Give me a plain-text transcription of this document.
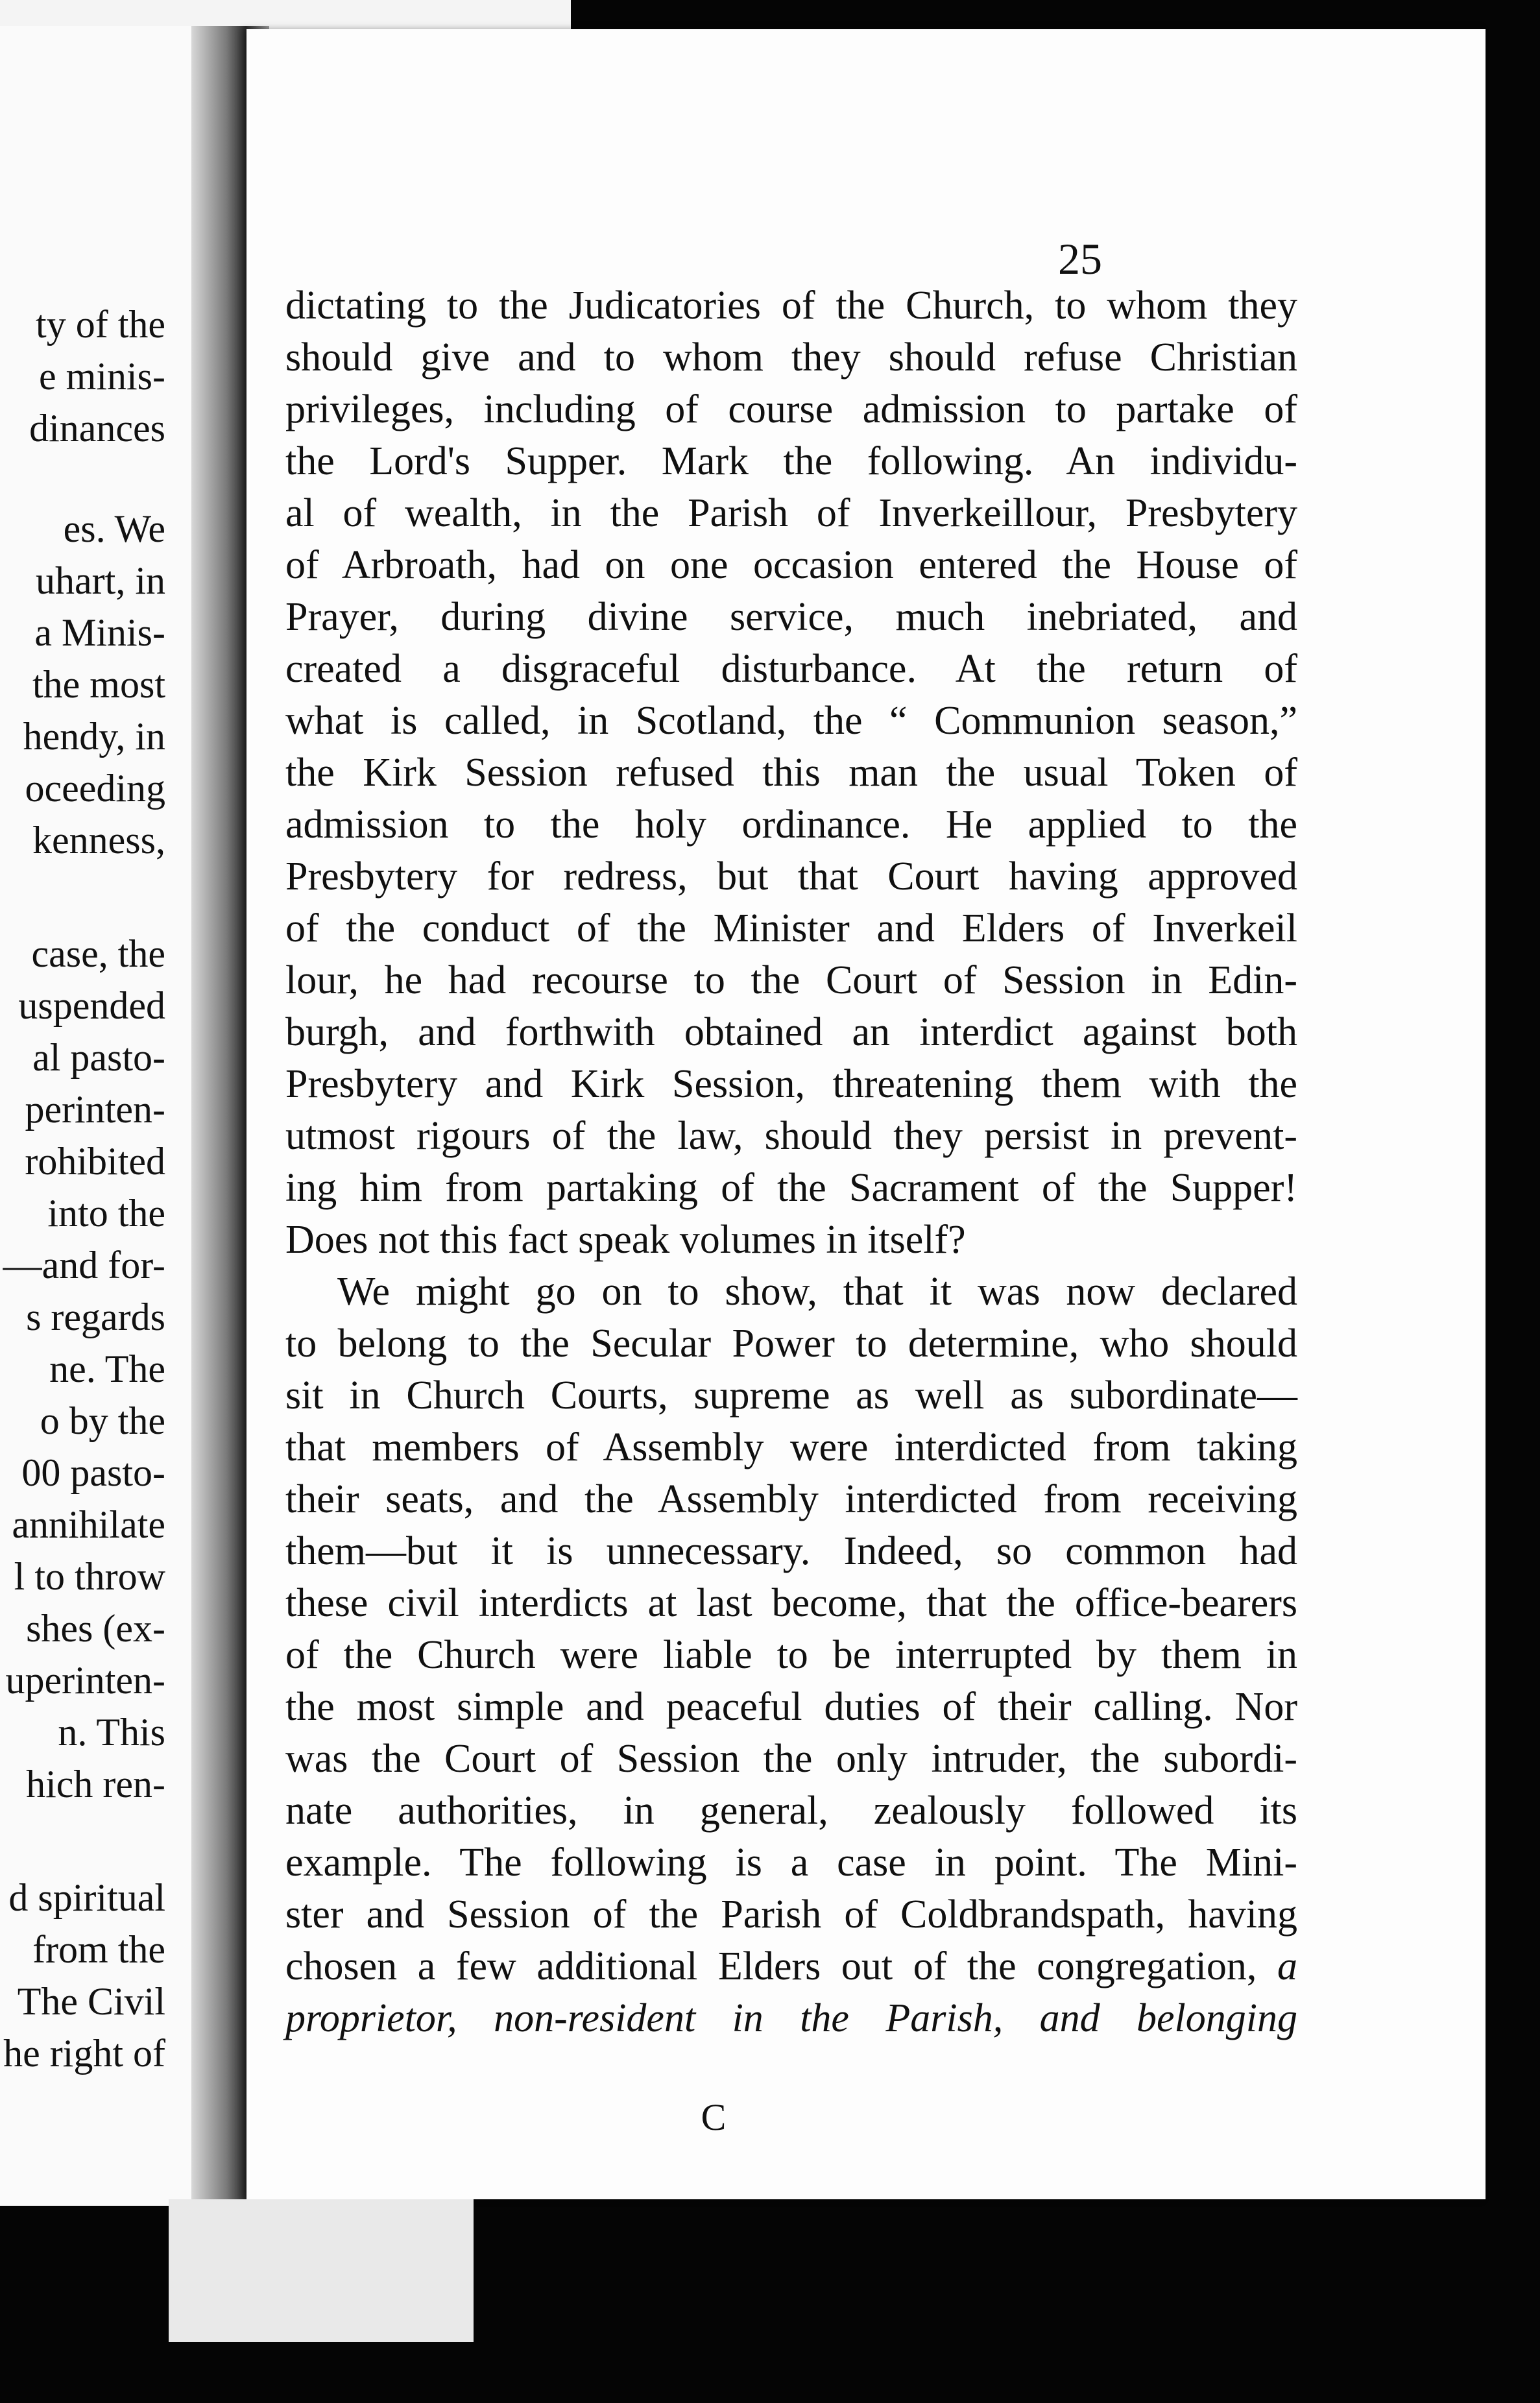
ty of the
e minis-
dinances
es. We
uhart, in
a Minis-
the most
hendy, in
oceeding
kenness,
case, the
uspended
al pasto-
perinten-
rohibited
into the
—and for-
s regards
ne. The
o by the
00 pasto-
annihilate
l to throw
shes (ex-
uperinten-
n. This
hich ren-
d spiritual
from the
The Civil
he right of
25
dictating to the Judicatories of the Church, to whom they
should give and to whom they should refuse Christian
privileges, including of course admission to partake of
the Lord's Supper. Mark the following. An individu-
al of wealth, in the Parish of Inverkeillour, Presbytery
of Arbroath, had on one occasion entered the House of
Prayer, during divine service, much inebriated, and
created a disgraceful disturbance. At the return of
what is called, in Scotland, the “ Communion season,”
the Kirk Session refused this man the usual Token of
admission to the holy ordinance. He applied to the
Presbytery for redress, but that Court having approved
of the conduct of the Minister and Elders of Inverkeil
lour, he had recourse to the Court of Session in Edin-
burgh, and forthwith obtained an interdict against both
Presbytery and Kirk Session, threatening them with the
utmost rigours of the law, should they persist in prevent-
ing him from partaking of the Sacrament of the Supper!
Does not this fact speak volumes in itself?
We might go on to show, that it was now declared
to belong to the Secular Power to determine, who should
sit in Church Courts, supreme as well as subordinate—
that members of Assembly were interdicted from taking
their seats, and the Assembly interdicted from receiving
them—but it is unnecessary. Indeed, so common had
these civil interdicts at last become, that the office-bearers
of the Church were liable to be interrupted by them in
the most simple and peaceful duties of their calling. Nor
was the Court of Session the only intruder, the subordi-
nate authorities, in general, zealously followed its
example. The following is a case in point. The Mini-
ster and Session of the Parish of Coldbrandspath, having
chosen a few additional Elders out of the congregation, a
proprietor, non-resident in the Parish, and belonging
C
